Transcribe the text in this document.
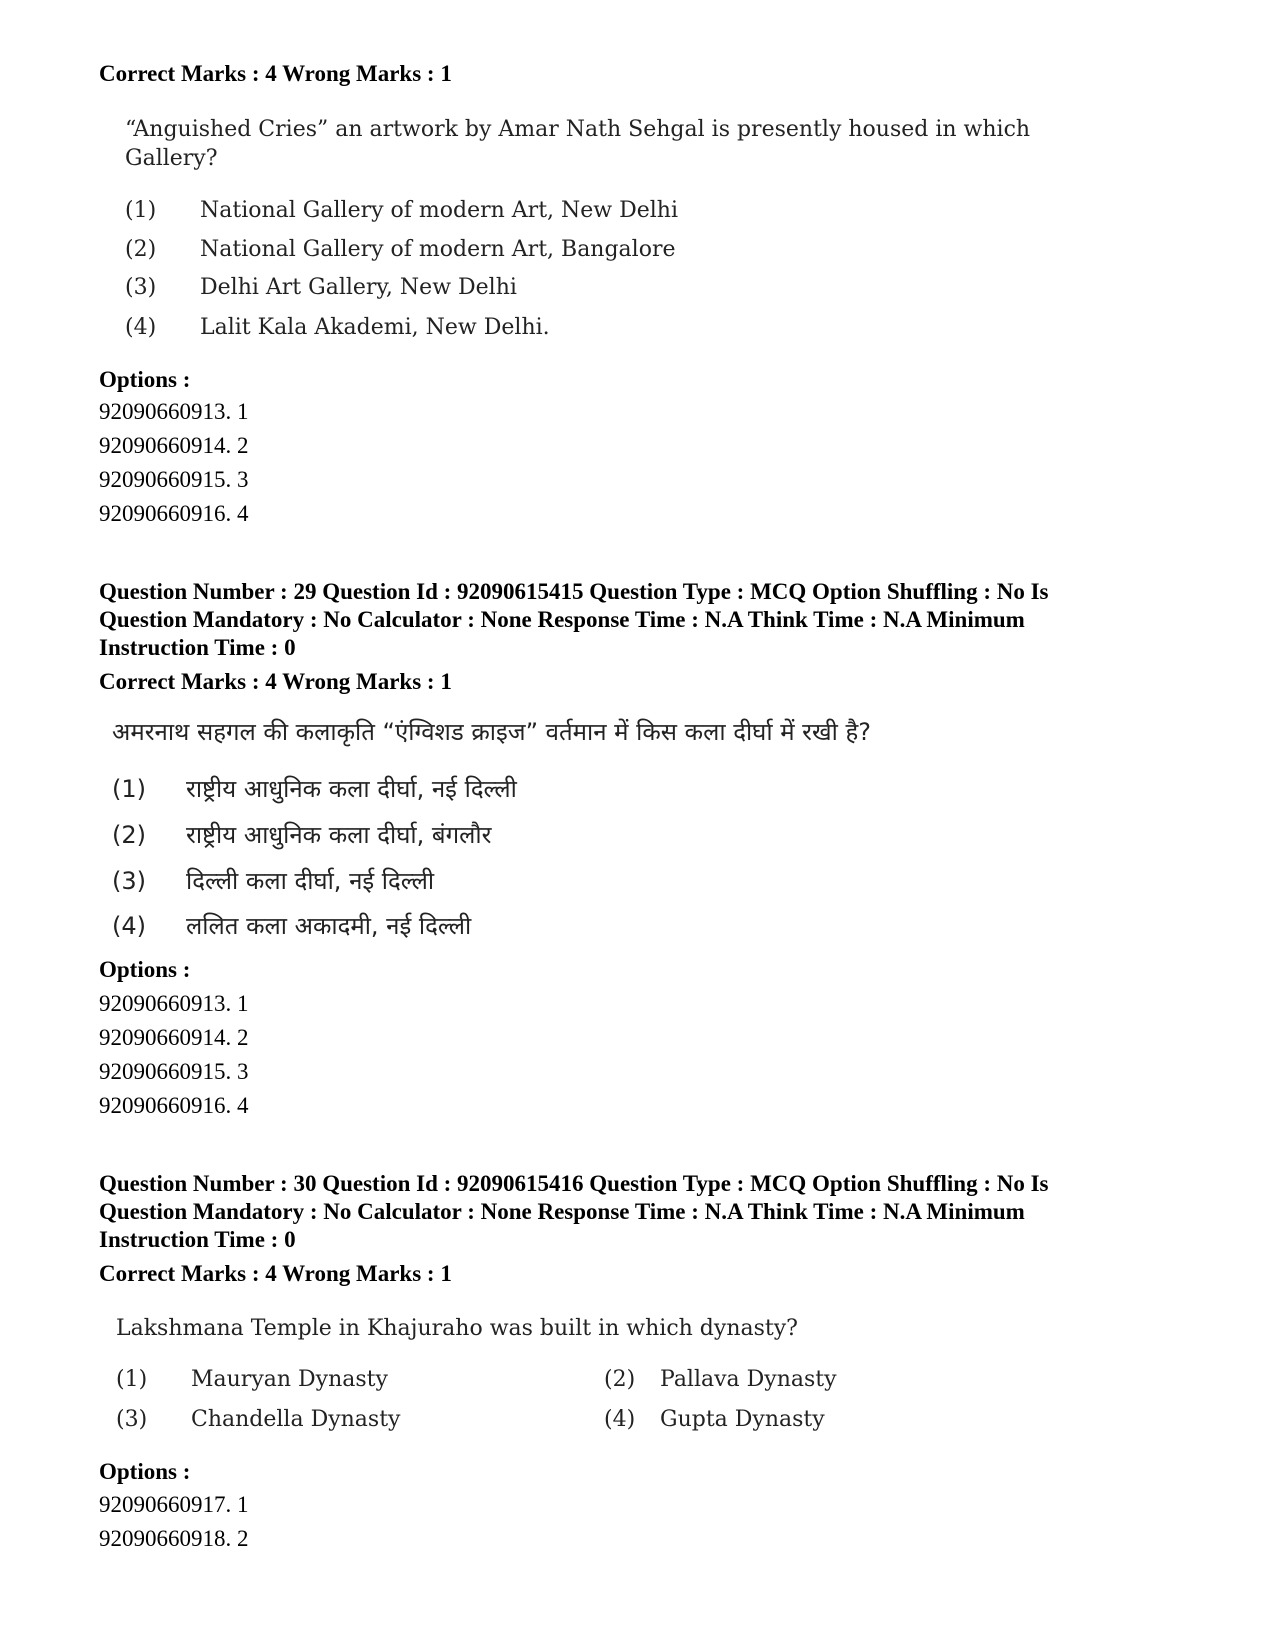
Correct Marks : 4 Wrong Marks : 1
“Anguished Cries” an artwork by Amar Nath Sehgal is presently housed in which
Gallery?
(1) National Gallery of modern Art, New Delhi
(2) National Gallery of modern Art, Bangalore
(3) Delhi Art Gallery, New Delhi
(4) Lalit Kala Akademi, New Delhi.
Options :
92090660913. 1
92090660914. 2
92090660915. 3
92090660916. 4
Question Number : 29 Question Id : 92090615415 Question Type : MCQ Option Shuffling : No Is
Question Mandatory : No Calculator : None Response Time : N.A Think Time : N.A Minimum
Instruction Time : 0
Correct Marks : 4 Wrong Marks : 1
अमरनाथ सहगल की कलाकृति “एंग्विशड क्राइज” वर्तमान में किस कला दीर्घा में रखी है?
(1) राष्ट्रीय आधुनिक कला दीर्घा, नई दिल्ली
(2) राष्ट्रीय आधुनिक कला दीर्घा, बंगलौर
(3) दिल्ली कला दीर्घा, नई दिल्ली
(4) ललित कला अकादमी, नई दिल्ली
Options :
92090660913. 1
92090660914. 2
92090660915. 3
92090660916. 4
Question Number : 30 Question Id : 92090615416 Question Type : MCQ Option Shuffling : No Is
Question Mandatory : No Calculator : None Response Time : N.A Think Time : N.A Minimum
Instruction Time : 0
Correct Marks : 4 Wrong Marks : 1
Lakshmana Temple in Khajuraho was built in which dynasty?
(1) Mauryan Dynasty	(2) Pallava Dynasty
(3) Chandella Dynasty	(4) Gupta Dynasty
Options :
92090660917. 1
92090660918. 2
